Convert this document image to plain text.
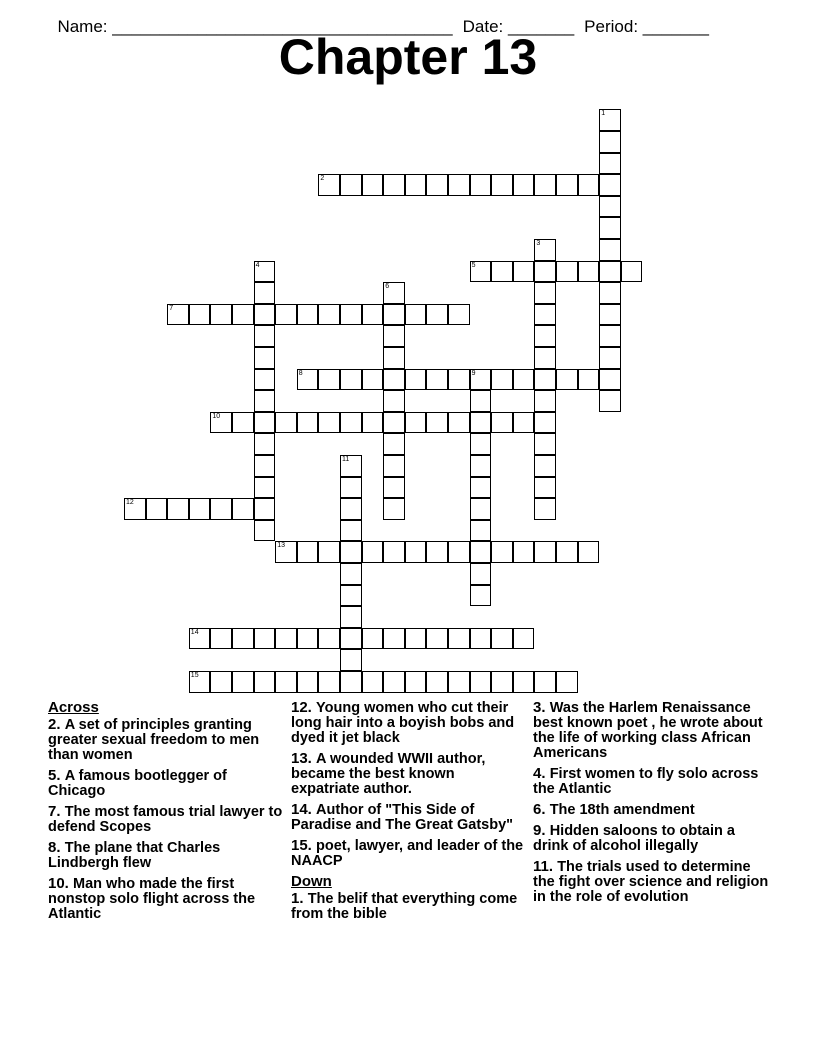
Name: ____________________________________ Date: _______ Period: _______

Chapter 13
1
2
3
4	5
6
7
8	9
10
11
12
13
14
15
Across
2. A set of principles granting greater sexual freedom to men than women
5. A famous bootlegger of Chicago
7. The most famous trial lawyer to defend Scopes
8. The plane that Charles Lindbergh flew
10. Man who made the first nonstop solo flight across the Atlantic
12. Young women who cut their long hair into a boyish bobs and dyed it jet black
13. A wounded WWII author, became the best known expatriate author.
14. Author of "This Side of Paradise and The Great Gatsby"
15. poet, lawyer, and leader of the NAACP
Down
1. The belif that everything come from the bible
3. Was the Harlem Renaissance best known poet , he wrote about the life of working class African Americans
4. First women to fly solo across the Atlantic
6. The 18th amendment
9. Hidden saloons to obtain a drink of alcohol illegally
11. The trials used to determine the fight over science and religion in the role of evolution
